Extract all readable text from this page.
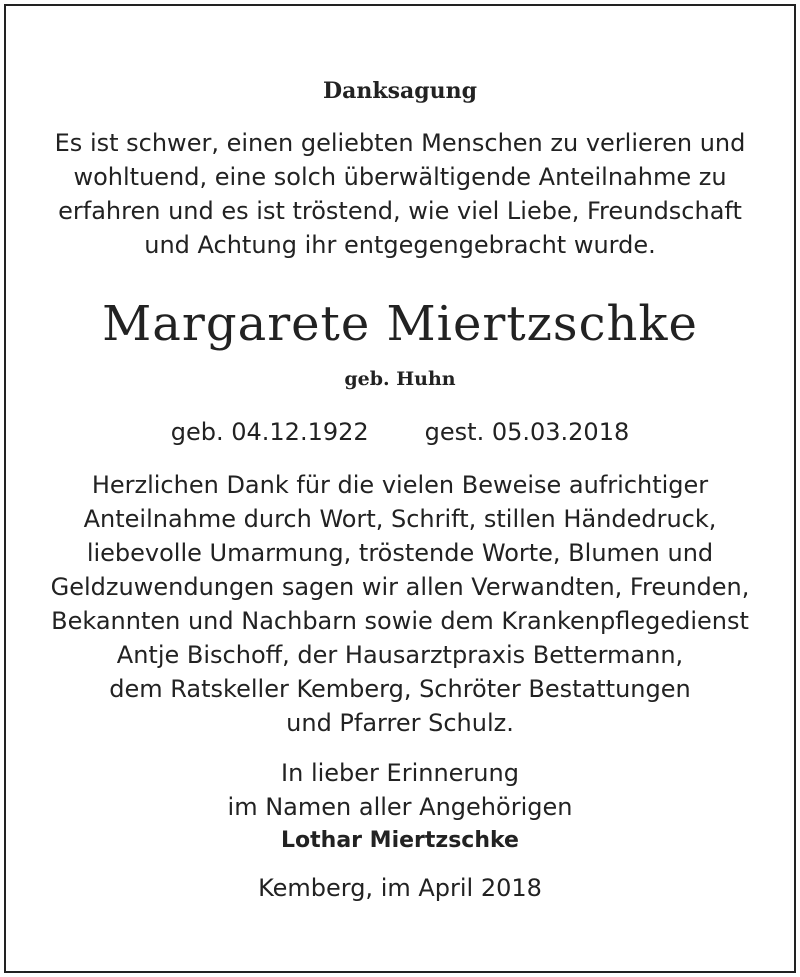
Danksagung
Es ist schwer, einen geliebten Menschen zu verlieren und
wohltuend, eine solch überwältigende Anteilnahme zu
erfahren und es ist tröstend, wie viel Liebe, Freundschaft
und Achtung ihr entgegengebracht wurde.
Margarete Miertzschke
geb. Huhn
geb. 04.12.1922 gest. 05.03.2018
Herzlichen Dank für die vielen Beweise aufrichtiger
Anteilnahme durch Wort, Schrift, stillen Händedruck,
liebevolle Umarmung, tröstende Worte, Blumen und
Geldzuwendungen sagen wir allen Verwandten, Freunden,
Bekannten und Nachbarn sowie dem Krankenpflegedienst
Antje Bischoff, der Hausarztpraxis Bettermann,
dem Ratskeller Kemberg, Schröter Bestattungen
und Pfarrer Schulz.
In lieber Erinnerung
im Namen aller Angehörigen
Lothar Miertzschke
Kemberg, im April 2018
